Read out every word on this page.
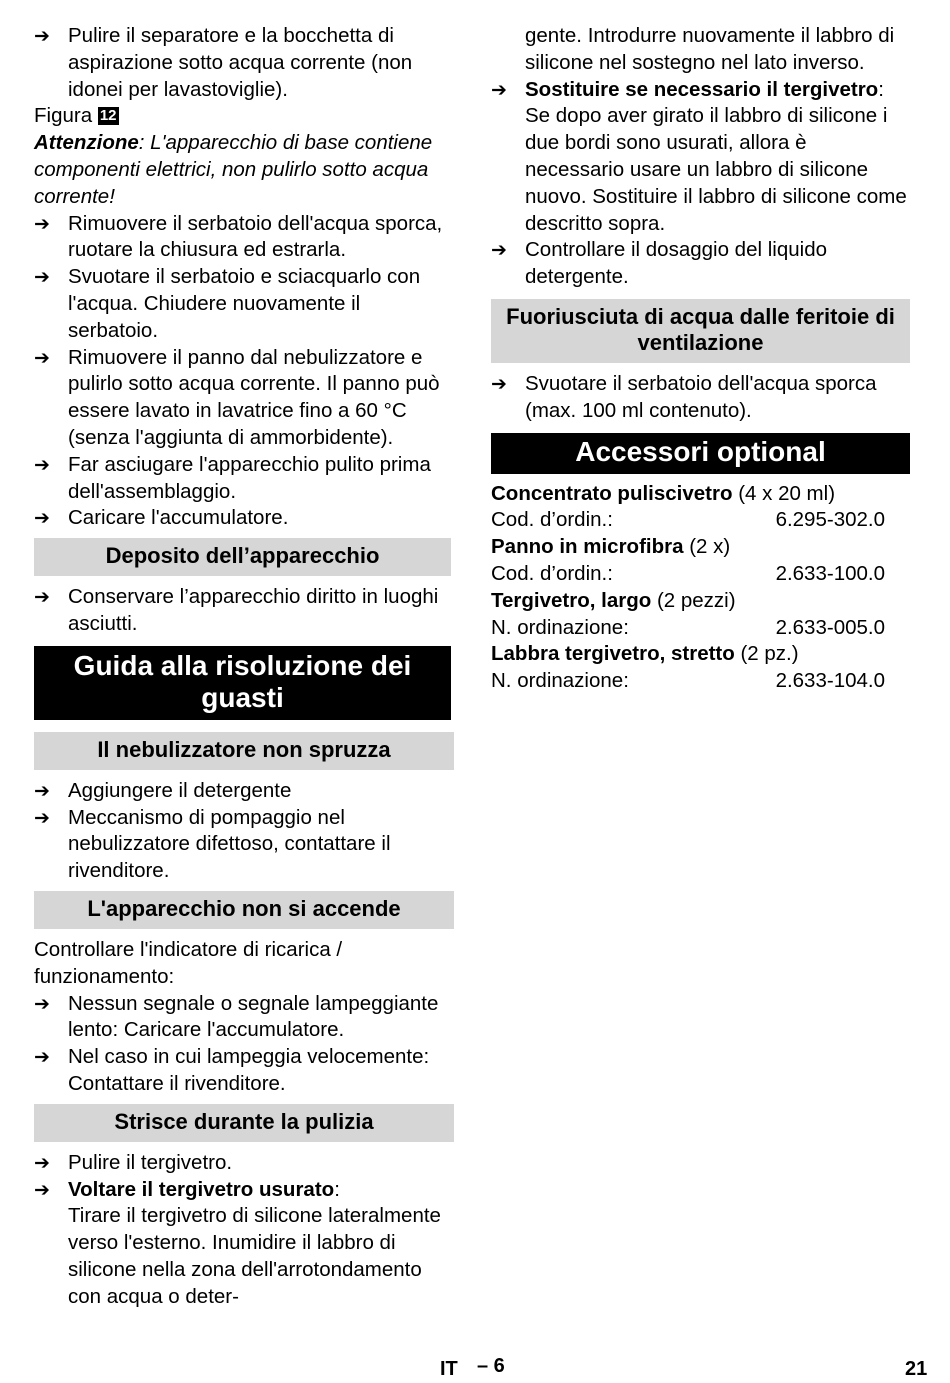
➔ Pulire il separatore e la bocchetta di aspirazione sotto acqua corrente (non idonei per lavastoviglie).
Figura 12
Attenzione: L'apparecchio di base contiene componenti elettrici, non pulirlo sotto acqua corrente!
➔ Rimuovere il serbatoio dell'acqua sporca, ruotare la chiusura ed estrarla.
➔ Svuotare il serbatoio e sciacquarlo con l'acqua. Chiudere nuovamente il serbatoio.
➔ Rimuovere il panno dal nebulizzatore e pulirlo sotto acqua corrente. Il panno può essere lavato in lavatrice fino a 60 °C (senza l'aggiunta di ammorbidente).
➔ Far asciugare l'apparecchio pulito prima dell'assemblaggio.
➔ Caricare l'accumulatore.
Deposito dell’apparecchio
➔ Conservare l’apparecchio diritto in luoghi asciutti.
Guida alla risoluzione dei guasti
Il nebulizzatore non spruzza
➔ Aggiungere il detergente
➔ Meccanismo di pompaggio nel nebulizzatore difettoso, contattare il rivenditore.
L'apparecchio non si accende
Controllare l'indicatore di ricarica / funzionamento:
➔ Nessun segnale o segnale lampeggiante lento: Caricare l'accumulatore.
➔ Nel caso in cui lampeggia velocemente: Contattare il rivenditore.
Strisce durante la pulizia
➔ Pulire il tergivetro.
➔ Voltare il tergivetro usurato:
Tirare il tergivetro di silicone lateralmente verso l'esterno. Inumidire il labbro di silicone nella zona dell'arrotondamento con acqua o deter-
gente. Introdurre nuovamente il labbro di silicone nel sostegno nel lato inverso.
➔ Sostituire se necessario il tergivetro:
Se dopo aver girato il labbro di silicone i due bordi sono usurati, allora è necessario usare un labbro di silicone nuovo. Sostituire il labbro di silicone come descritto sopra.
➔ Controllare il dosaggio del liquido detergente.
Fuoriusciuta di acqua dalle feritoie di ventilazione
➔ Svuotare il serbatoio dell'acqua sporca (max. 100 ml contenuto).
Accessori optional
Concentrato puliscivetro (4 x 20 ml)
Cod. d’ordin.:	6.295-302.0
Panno in microfibra (2 x)
Cod. d’ordin.:	2.633-100.0
Tergivetro, largo (2 pezzi)
N. ordinazione:	2.633-005.0
Labbra tergivetro, stretto (2 pz.)
N. ordinazione:	2.633-104.0
IT – 6	21
